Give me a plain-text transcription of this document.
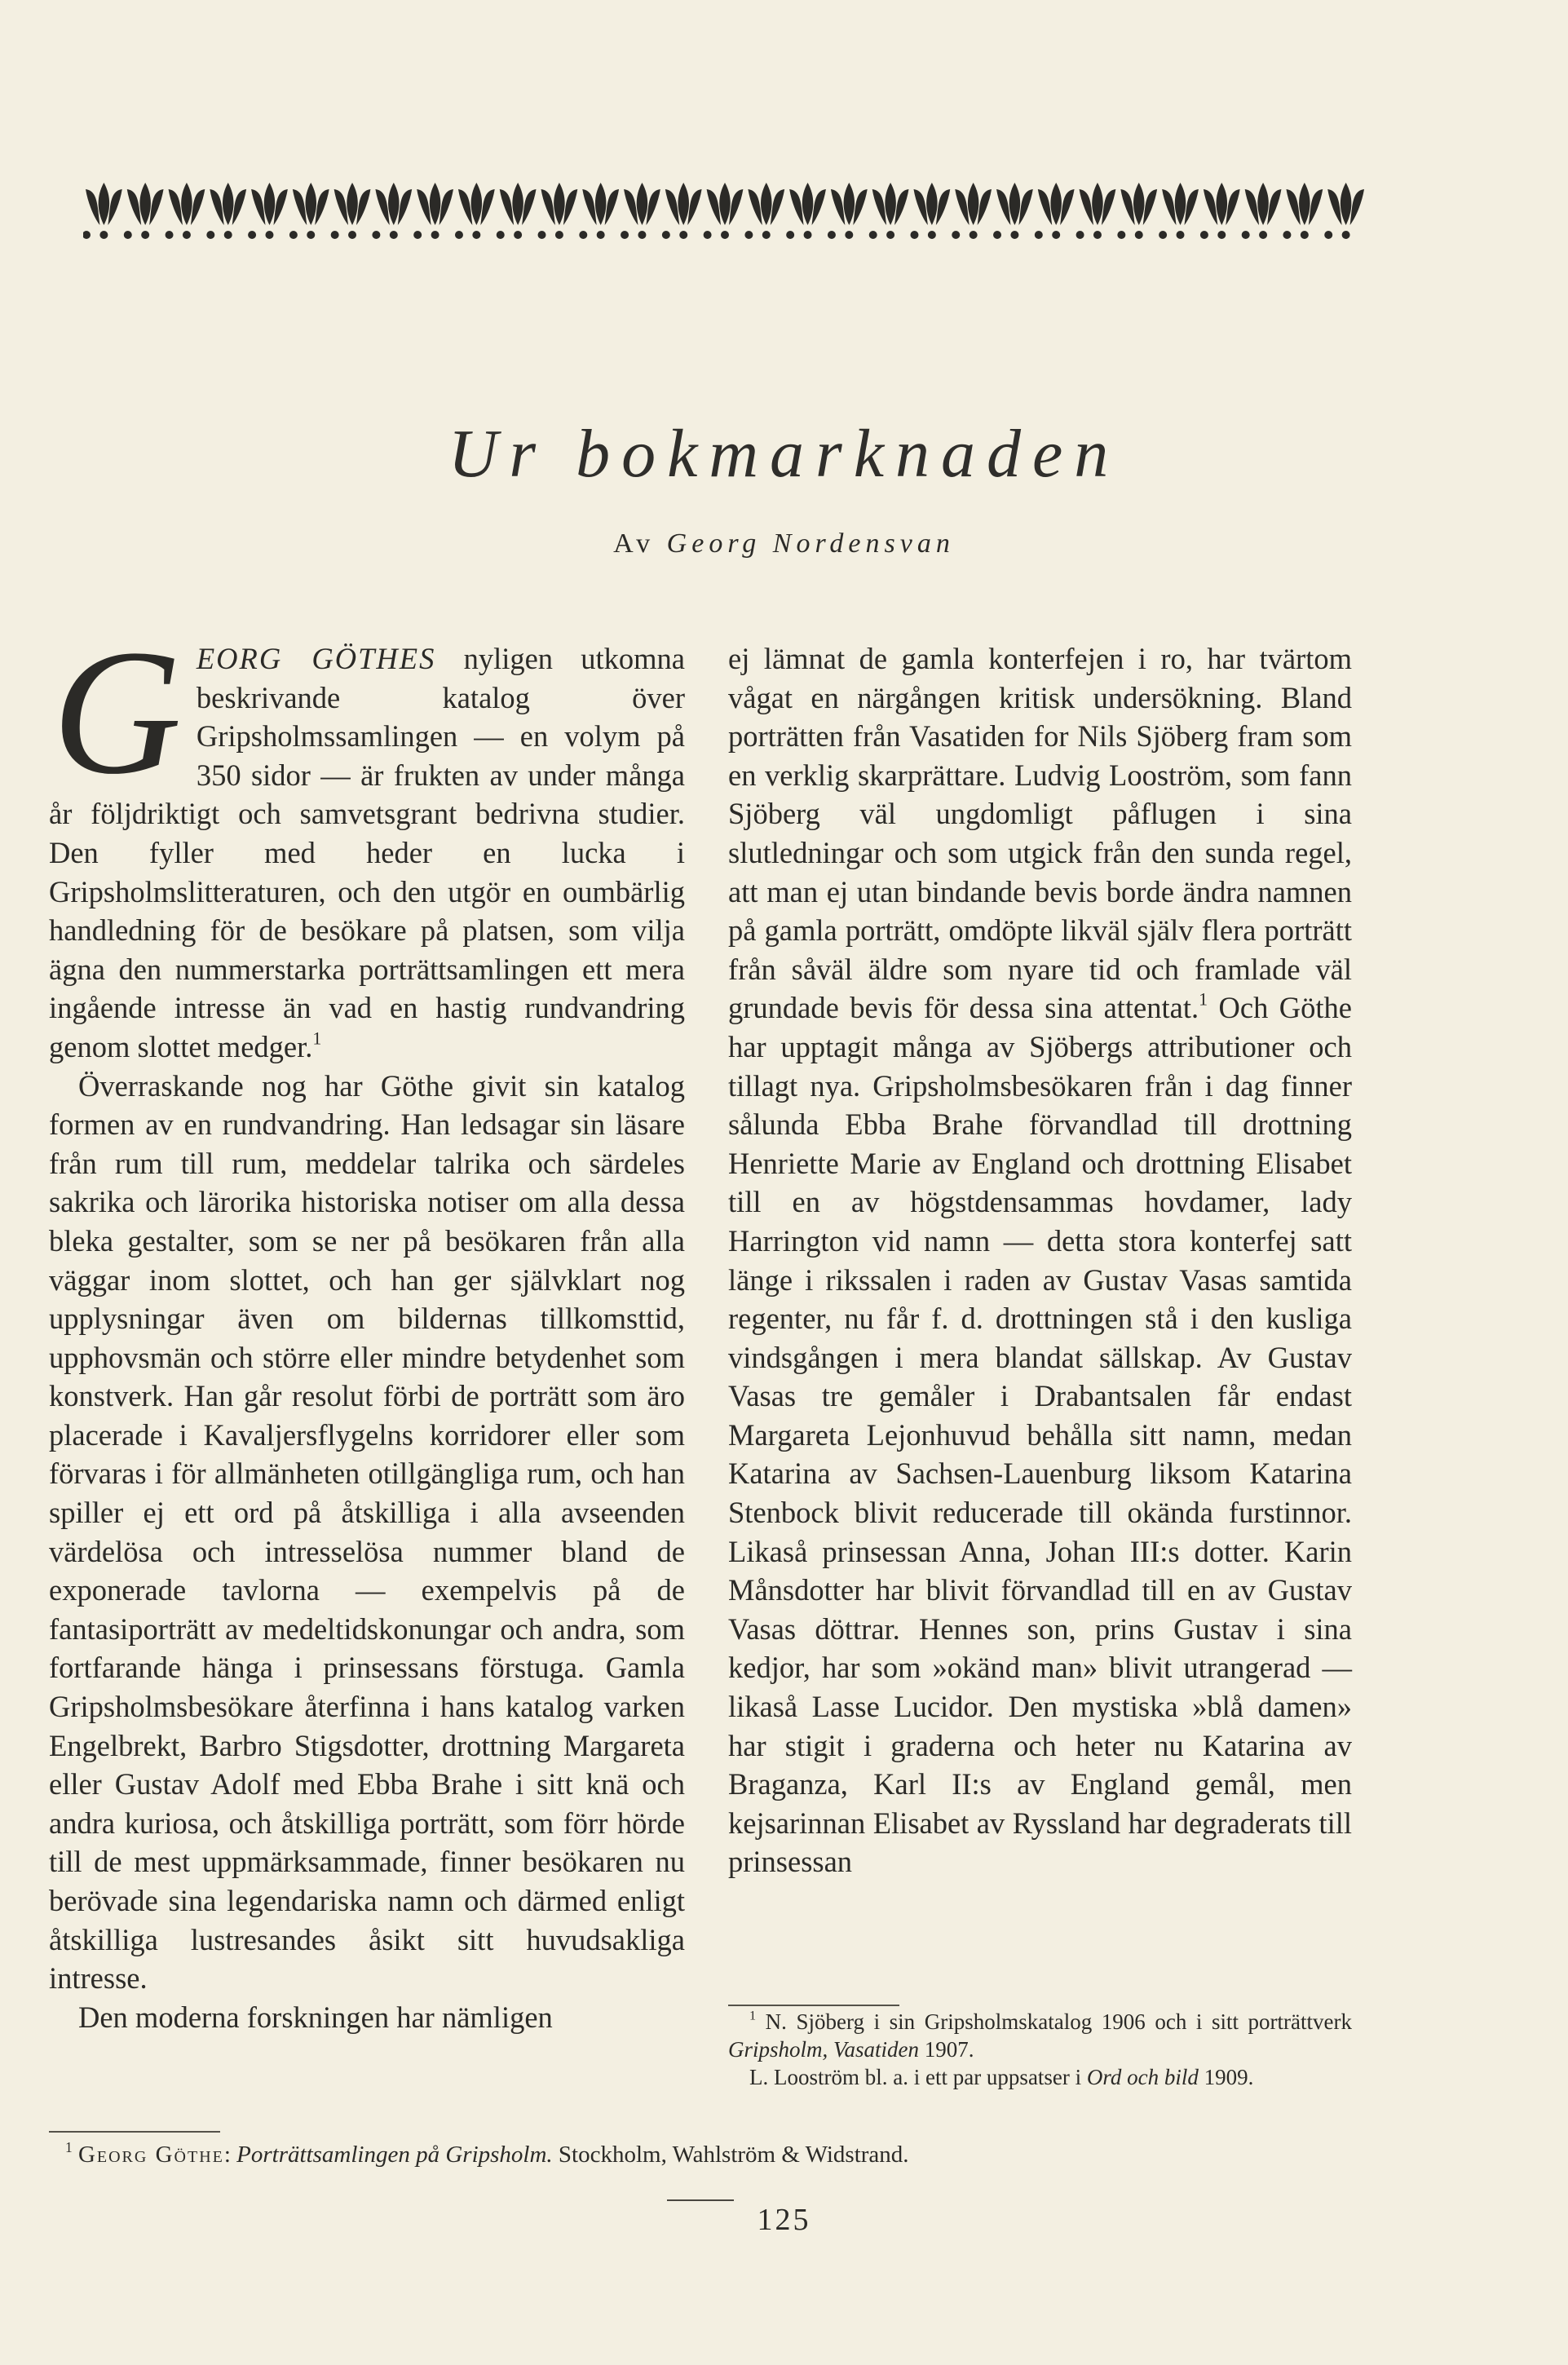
Ur bokmarknaden
Av Georg Nordensvan

GEORG GÖTHES nyligen utkomna beskrivande katalog över Gripsholmssamlingen — en volym på 350 sidor — är frukten av under många år följdriktigt och samvetsgrant bedrivna studier. Den fyller med heder en lucka i Gripsholmslitteraturen, och den utgör en oumbärlig handledning för de besökare på platsen, som vilja ägna den nummerstarka porträttsamlingen ett mera ingående intresse än vad en hastig rundvandring genom slottet medger.$^1$

Överraskande nog har Göthe givit sin katalog formen av en rundvandring. Han ledsagar sin läsare från rum till rum, meddelar talrika och särdeles sakrika och lärorika historiska notiser om alla dessa bleka gestalter, som se ner på besökaren från alla väggar inom slottet, och han ger självklart nog upplysningar även om bildernas tillkomsttid, upphovsmän och större eller mindre betydenhet som konstverk. Han går resolut förbi de porträtt som äro placerade i Kavaljersflygelns korridorer eller som förvaras i för allmänheten otillgängliga rum, och han spiller ej ett ord på åtskilliga i alla avseenden värdelösa och intresselösa nummer bland de exponerade tavlorna — exempelvis på de fantasiporträtt av medeltidskonungar och andra, som fortfarande hänga i prinsessans förstuga. Gamla Gripsholmsbesökare återfinna i hans katalog varken Engelbrekt, Barbro Stigsdotter, drottning Margareta eller Gustav Adolf med Ebba Brahe i sitt knä och andra kuriosa, och åtskilliga porträtt, som förr hörde till de mest uppmärksammade, finner besökaren nu berövade sina legendariska namn och därmed enligt åtskilliga lustresandes åsikt sitt huvudsakliga intresse.

Den moderna forskningen har nämligen

ej lämnat de gamla konterfejen i ro, har tvärtom vågat en närgången kritisk undersökning. Bland porträtten från Vasatiden for Nils Sjöberg fram som en verklig skarprättare. Ludvig Looström, som fann Sjöberg väl ungdomligt påflugen i sina slutledningar och som utgick från den sunda regel, att man ej utan bindande bevis borde ändra namnen på gamla porträtt, omdöpte likväl själv flera porträtt från såväl äldre som nyare tid och framlade väl grundade bevis för dessa sina attentat.$^1$ Och Göthe har upptagit många av Sjöbergs attributioner och tillagt nya. Gripsholmsbesökaren från i dag finner sålunda Ebba Brahe förvandlad till drottning Henriette Marie av England och drottning Elisabet till en av högstdensammas hovdamer, lady Harrington vid namn — detta stora konterfej satt länge i rikssalen i raden av Gustav Vasas samtida regenter, nu får f. d. drottningen stå i den kusliga vindsgången i mera blandat sällskap. Av Gustav Vasas tre gemåler i Drabantsalen får endast Margareta Lejonhuvud behålla sitt namn, medan Katarina av Sachsen-Lauenburg liksom Katarina Stenbock blivit reducerade till okända furstinnor. Likaså prinsessan Anna, Johan III:s dotter. Karin Månsdotter har blivit förvandlad till en av Gustav Vasas döttrar. Hennes son, prins Gustav i sina kedjor, har som »okänd man» blivit utrangerad — likaså Lasse Lucidor. Den mystiska »blå damen» har stigit i graderna och heter nu Katarina av Braganza, Karl II:s av England gemål, men kejsarinnan Elisabet av Ryssland har degraderats till prinsessan

$^1$ N. Sjöberg i sin Gripsholmskatalog 1906 och i sitt porträttverk Gripsholm, Vasatiden 1907.

L. Looström bl. a. i ett par uppsatser i Ord och bild 1909.

$^1$ Georg Göthe: Porträttsamlingen på Gripsholm. Stockholm, Wahlström & Widstrand.
125
